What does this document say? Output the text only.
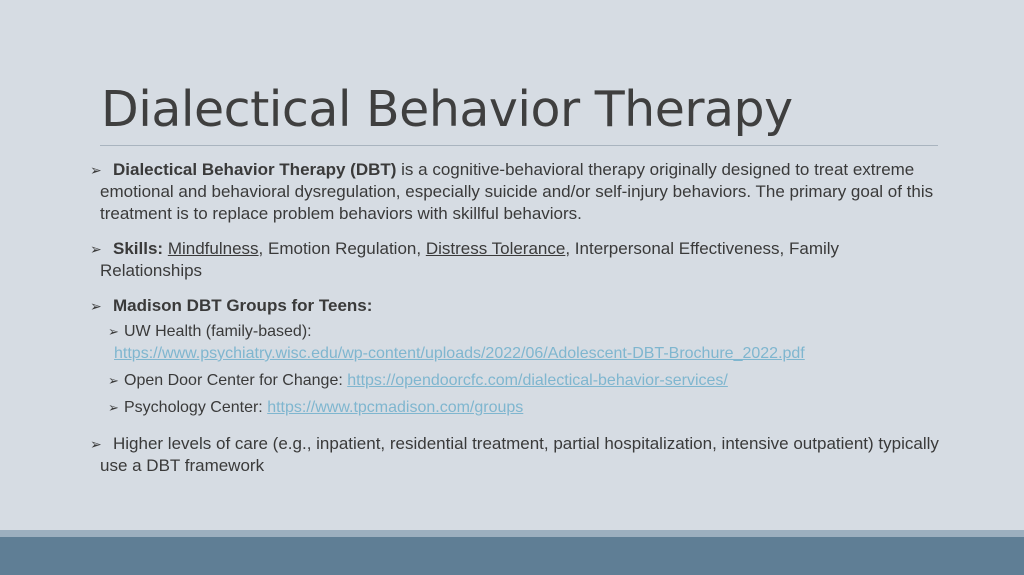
Dialectical Behavior Therapy
➢ Dialectical Behavior Therapy (DBT) is a cognitive-behavioral therapy originally designed to treat extreme emotional and behavioral dysregulation, especially suicide and/or self-injury behaviors. The primary goal of this treatment is to replace problem behaviors with skillful behaviors.
➢ Skills: Mindfulness, Emotion Regulation, Distress Tolerance, Interpersonal Effectiveness, Family Relationships
➢ Madison DBT Groups for Teens:
➢ UW Health (family-based):
https://www.psychiatry.wisc.edu/wp-content/uploads/2022/06/Adolescent-DBT-Brochure_2022.pdf
➢ Open Door Center for Change: https://opendoorcfc.com/dialectical-behavior-services/
➢ Psychology Center: https://www.tpcmadison.com/groups
➢ Higher levels of care (e.g., inpatient, residential treatment, partial hospitalization, intensive outpatient) typically use a DBT framework
